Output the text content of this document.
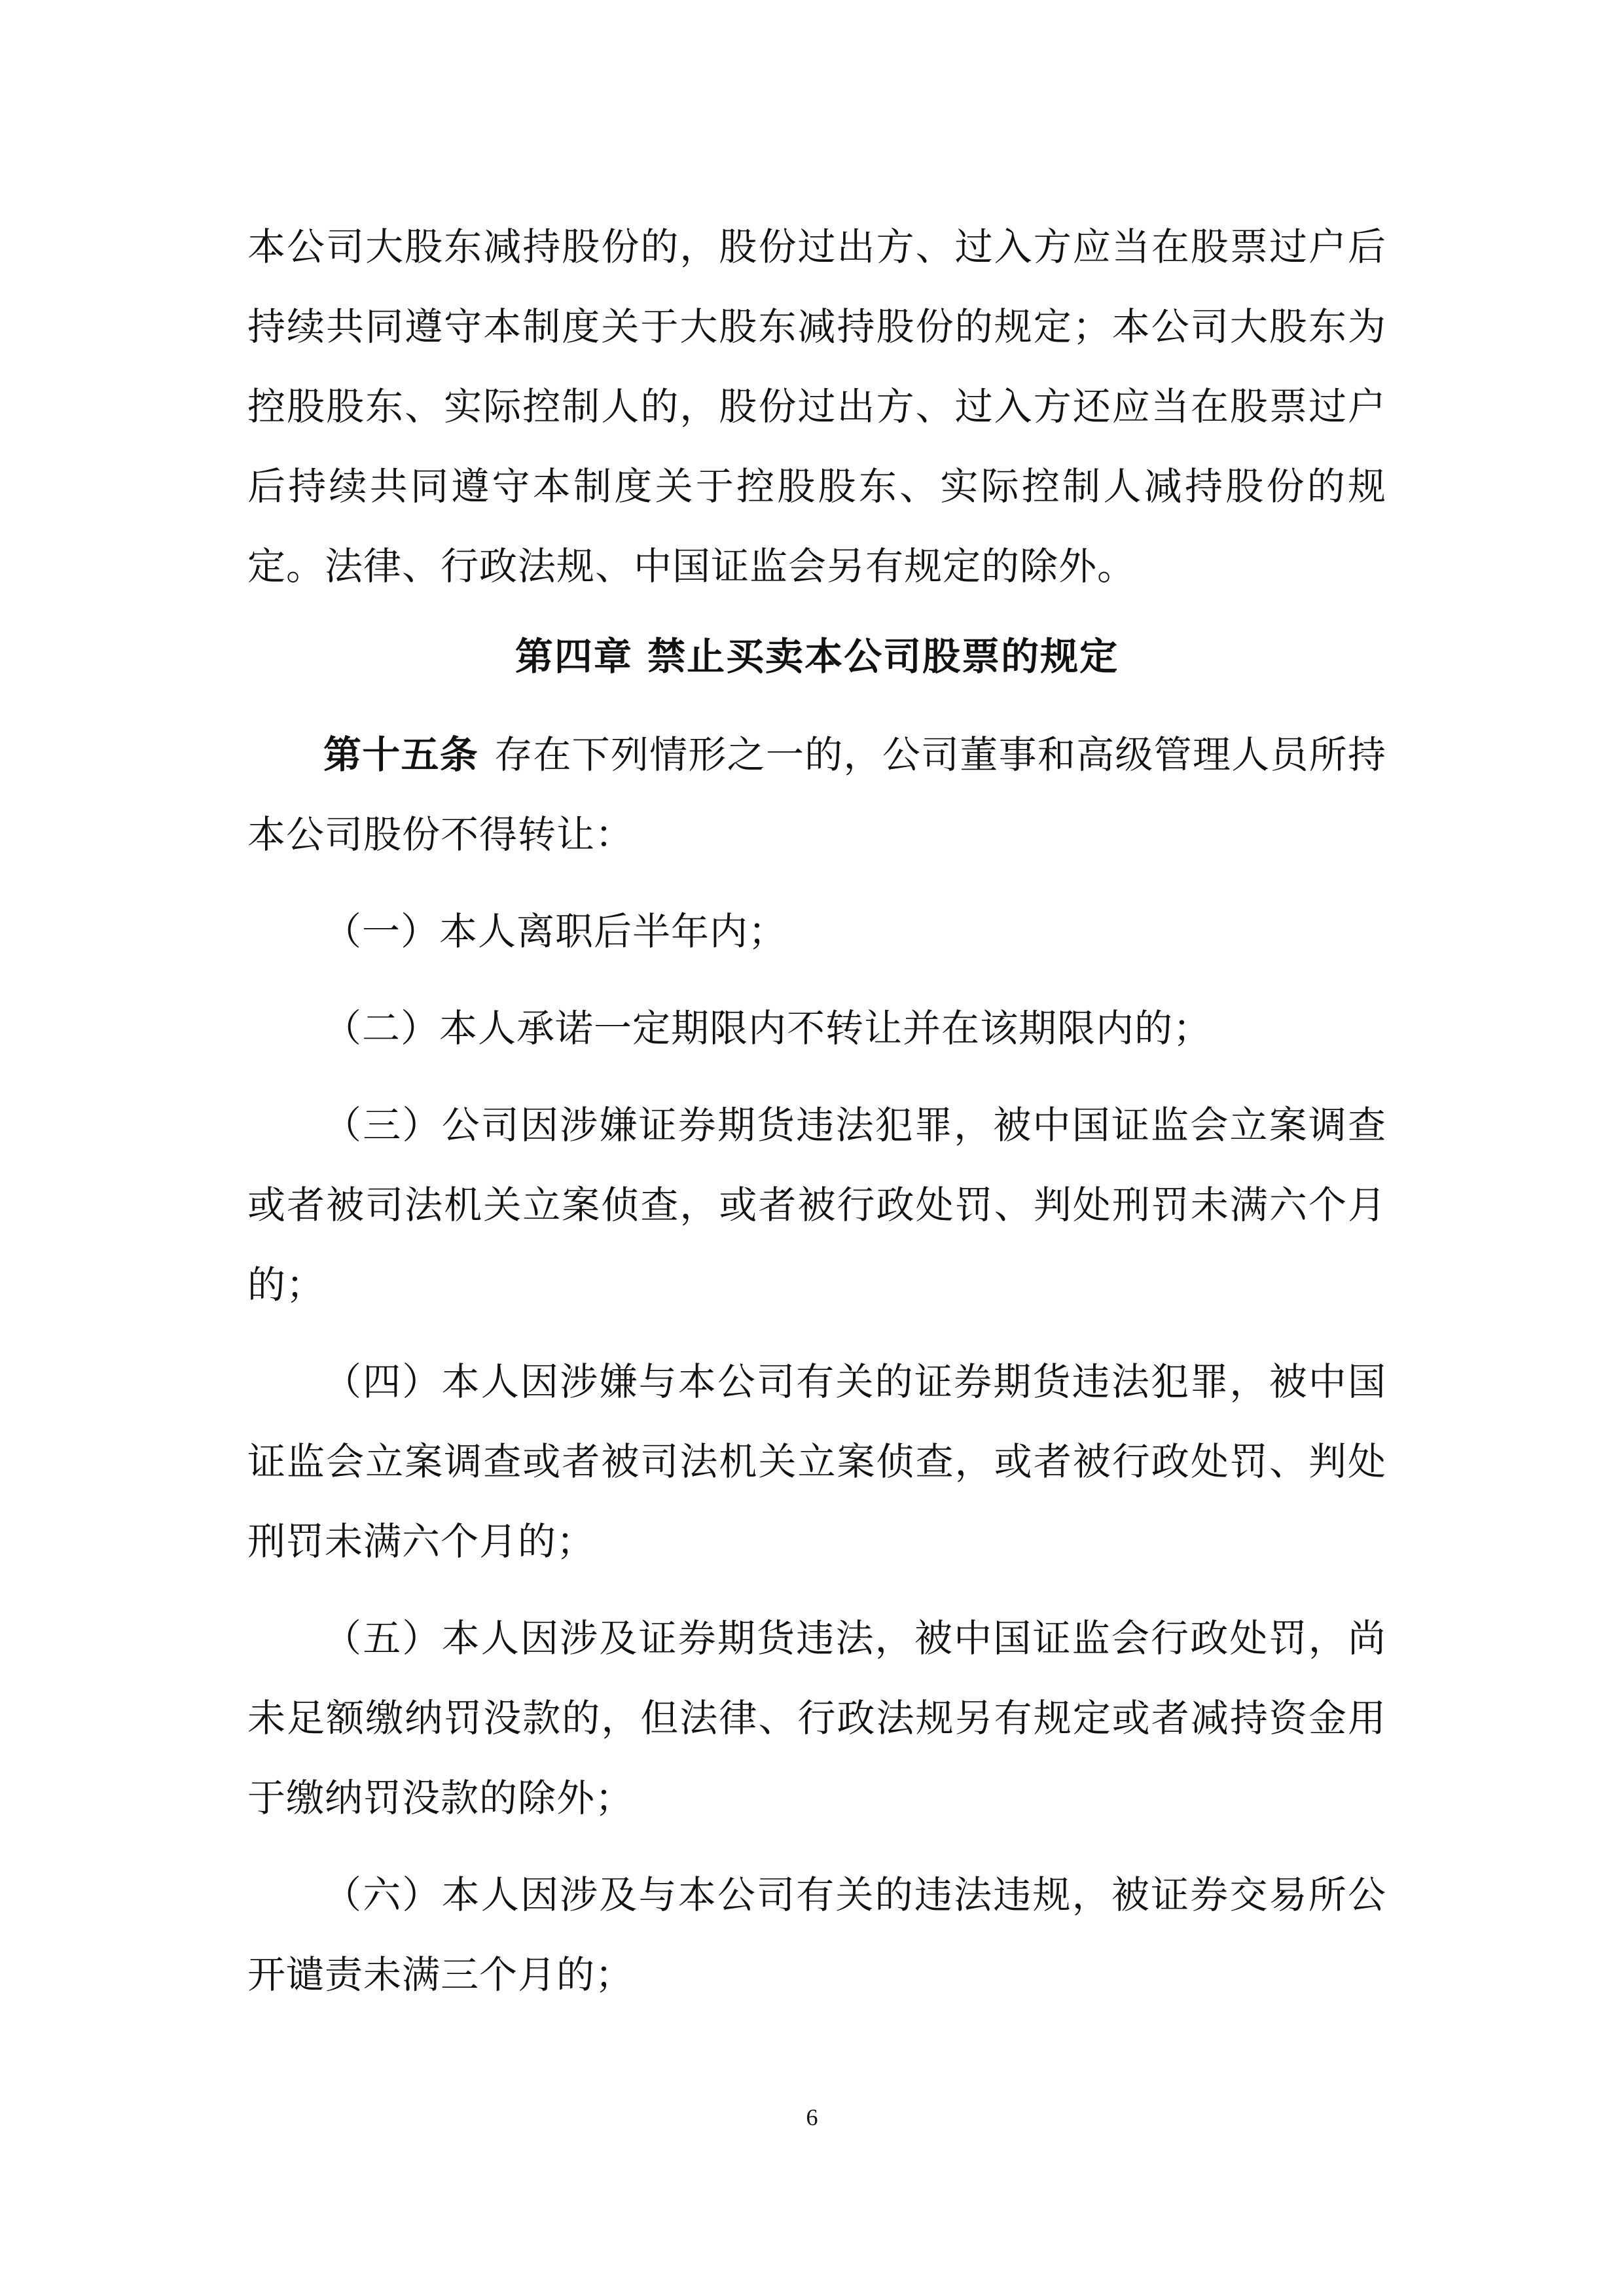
本公司大股东减持股份的，股份过出方、过入方应当在股票过户后持续共同遵守本制度关于大股东减持股份的规定；本公司大股东为控股股东、实际控制人的，股份过出方、过入方还应当在股票过户后持续共同遵守本制度关于控股股东、实际控制人减持股份的规定。法律、行政法规、中国证监会另有规定的除外。

第四章 禁止买卖本公司股票的规定

第十五条 存在下列情形之一的，公司董事和高级管理人员所持本公司股份不得转让：

（一）本人离职后半年内；

（二）本人承诺一定期限内不转让并在该期限内的；

（三）公司因涉嫌证券期货违法犯罪，被中国证监会立案调查或者被司法机关立案侦查，或者被行政处罚、判处刑罚未满六个月的；

（四）本人因涉嫌与本公司有关的证券期货违法犯罪，被中国证监会立案调查或者被司法机关立案侦查，或者被行政处罚、判处刑罚未满六个月的；

（五）本人因涉及证券期货违法，被中国证监会行政处罚，尚未足额缴纳罚没款的，但法律、行政法规另有规定或者减持资金用于缴纳罚没款的除外；

（六）本人因涉及与本公司有关的违法违规，被证券交易所公开谴责未满三个月的；

6
